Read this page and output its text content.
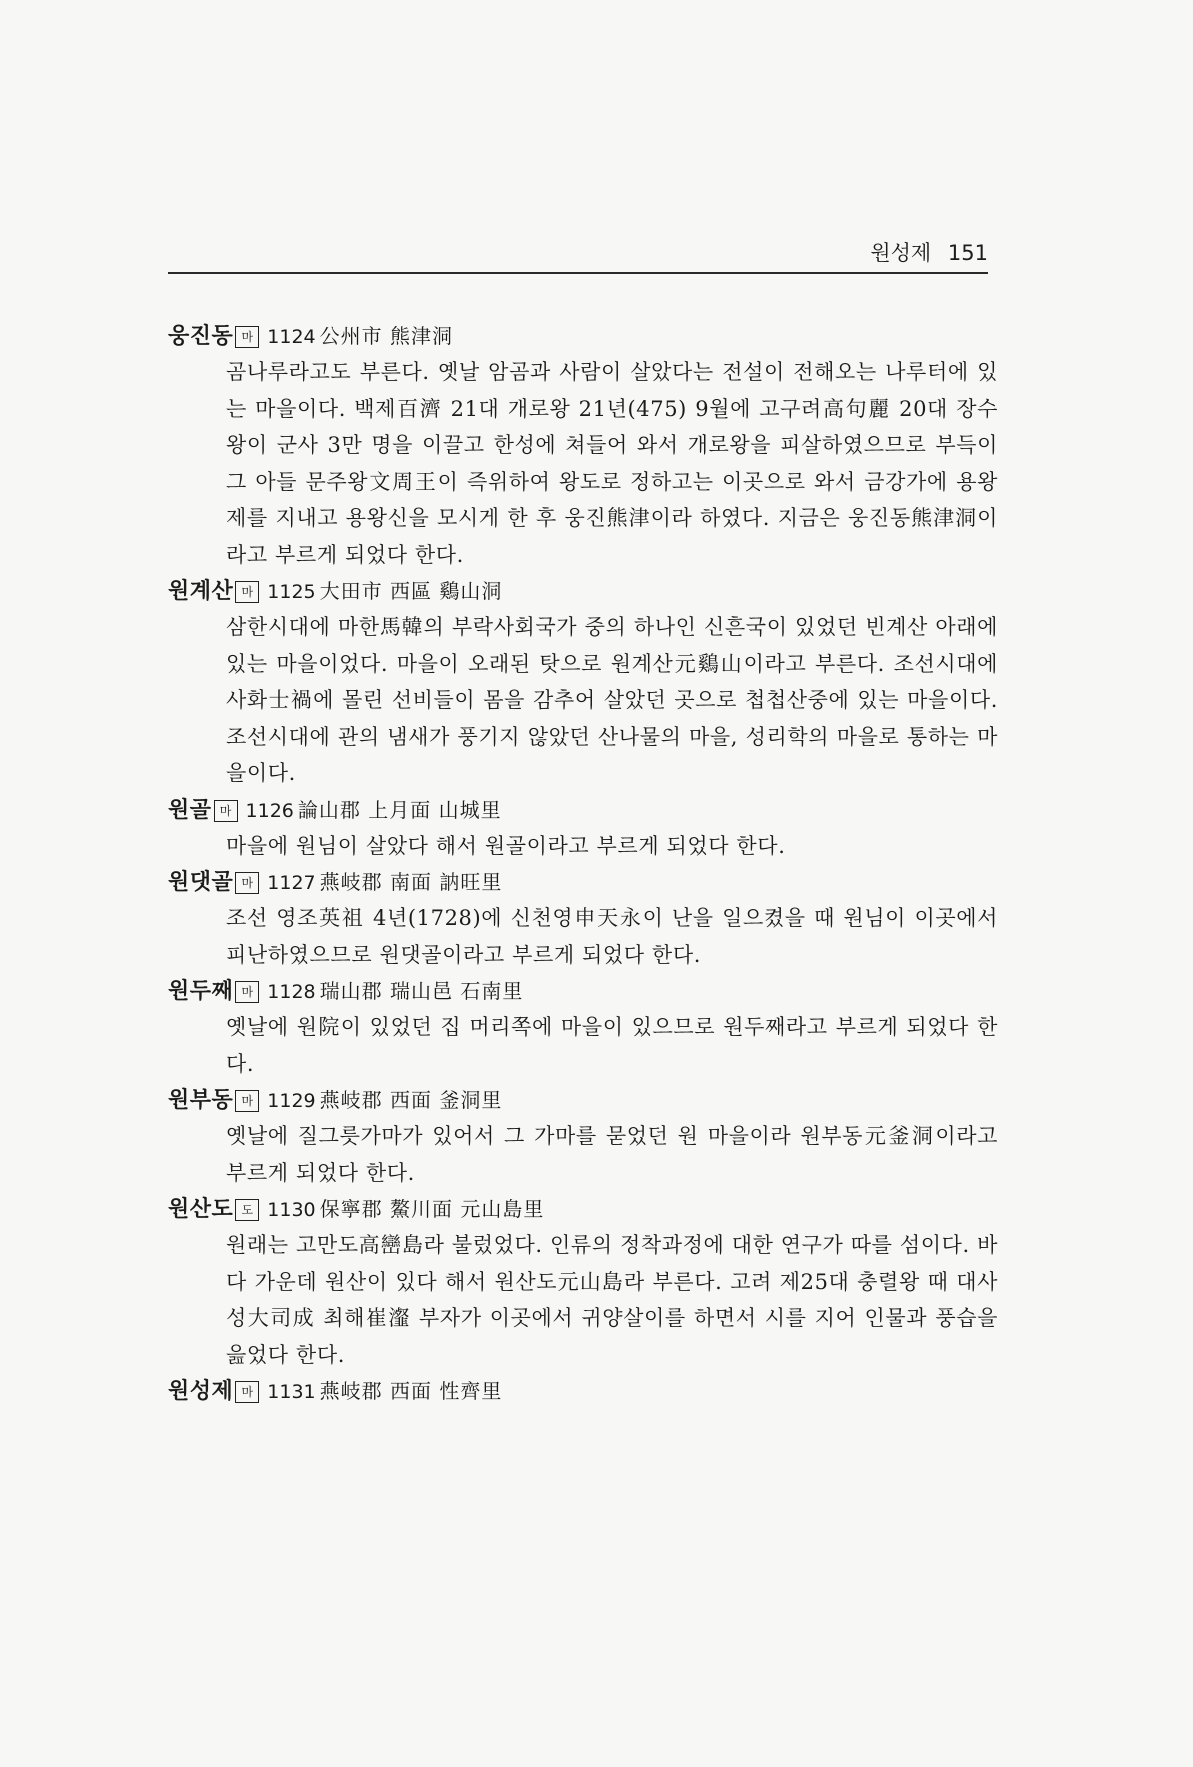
원성제 151
웅진동 마 1124 公州市 熊津洞
곰나루라고도 부른다. 옛날 암곰과 사람이 살았다는 전설이 전해오는 나루터에 있는 마을이다. 백제百濟 21대 개로왕 21년(475) 9월에 고구려高句麗 20대 장수왕이 군사 3만 명을 이끌고 한성에 쳐들어 와서 개로왕을 피살하였으므로 부득이 그 아들 문주왕文周王이 즉위하여 왕도로 정하고는 이곳으로 와서 금강가에 용왕제를 지내고 용왕신을 모시게 한 후 웅진熊津이라 하였다. 지금은 웅진동熊津洞이라고 부르게 되었다 한다.
원계산 마 1125 大田市 西區 鷄山洞
삼한시대에 마한馬韓의 부락사회국가 중의 하나인 신흔국이 있었던 빈계산 아래에 있는 마을이었다. 마을이 오래된 탓으로 원계산元鷄山이라고 부른다. 조선시대에 사화士禍에 몰린 선비들이 몸을 감추어 살았던 곳으로 첩첩산중에 있는 마을이다. 조선시대에 관의 냄새가 풍기지 않았던 산나물의 마을, 성리학의 마을로 통하는 마을이다.
원골 마 1126 論山郡 上月面 山城里
마을에 원님이 살았다 해서 원골이라고 부르게 되었다 한다.
원댓골 마 1127 燕岐郡 南面 訥旺里
조선 영조英祖 4년(1728)에 신천영申天永이 난을 일으켰을 때 원님이 이곳에서 피난하였으므로 원댓골이라고 부르게 되었다 한다.
원두째 마 1128 瑞山郡 瑞山邑 石南里
옛날에 원院이 있었던 집 머리쪽에 마을이 있으므로 원두째라고 부르게 되었다 한다.
원부동 마 1129 燕岐郡 西面 釜洞里
옛날에 질그릇가마가 있어서 그 가마를 묻었던 원 마을이라 원부동元釜洞이라고 부르게 되었다 한다.
원산도 도 1130 保寧郡 鰲川面 元山島里
원래는 고만도高巒島라 불렀었다. 인류의 정착과정에 대한 연구가 따를 섬이다. 바다 가운데 원산이 있다 해서 원산도元山島라 부른다. 고려 제25대 충렬왕 때 대사성大司成 최해崔瀣 부자가 이곳에서 귀양살이를 하면서 시를 지어 인물과 풍습을 읊었다 한다.
원성제 마 1131 燕岐郡 西面 性齊里
